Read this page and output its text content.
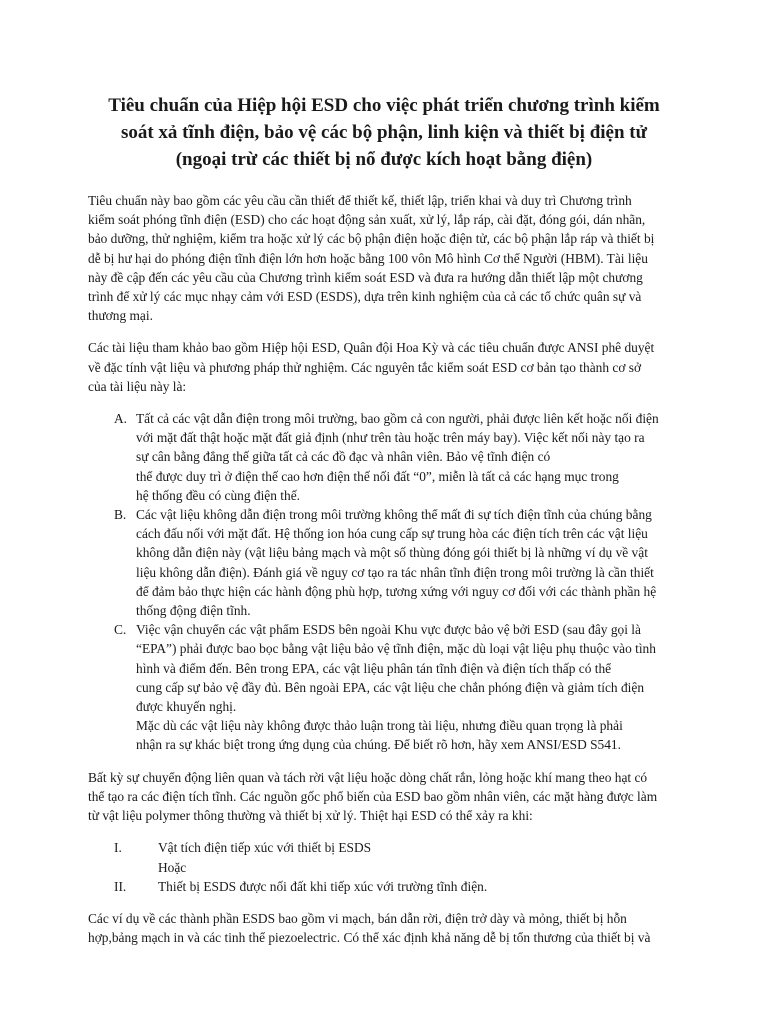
Tiêu chuẩn của Hiệp hội ESD cho việc phát triển chương trình kiểm
soát xả tĩnh điện, bảo vệ các bộ phận, linh kiện và thiết bị điện tử
(ngoại trừ các thiết bị nổ được kích hoạt bằng điện)

Tiêu chuẩn này bao gồm các yêu cầu cần thiết để thiết kế, thiết lập, triển khai và duy trì Chương trình
kiểm soát phóng tĩnh điện (ESD) cho các hoạt động sản xuất, xử lý, lắp ráp, cài đặt, đóng gói, dán nhãn,
bảo dưỡng, thử nghiệm, kiểm tra hoặc xử lý các bộ phận điện hoặc điện tử, các bộ phận lắp ráp và thiết bị
dễ bị hư hại do phóng điện tĩnh điện lớn hơn hoặc bằng 100 vôn Mô hình Cơ thể Người (HBM). Tài liệu
này đề cập đến các yêu cầu của Chương trình kiểm soát ESD và đưa ra hướng dẫn thiết lập một chương
trình để xử lý các mục nhạy cảm với ESD (ESDS), dựa trên kinh nghiệm của cả các tổ chức quân sự và
thương mại.

Các tài liệu tham khảo bao gồm Hiệp hội ESD, Quân đội Hoa Kỳ và các tiêu chuẩn được ANSI phê duyệt
về đặc tính vật liệu và phương pháp thử nghiệm. Các nguyên tắc kiểm soát ESD cơ bản tạo thành cơ sở
của tài liệu này là:

A. Tất cả các vật dẫn điện trong môi trường, bao gồm cả con người, phải được liên kết hoặc nối điện
với mặt đất thật hoặc mặt đất giả định (như trên tàu hoặc trên máy bay). Việc kết nối này tạo ra
sự cân bằng đẳng thế giữa tất cả các đồ đạc và nhân viên. Bảo vệ tĩnh điện có
thể được duy trì ở điện thế cao hơn điện thế nối đất “0”, miễn là tất cả các hạng mục trong
hệ thống đều có cùng điện thế.
B. Các vật liệu không dẫn điện trong môi trường không thể mất đi sự tích điện tĩnh của chúng bằng
cách đấu nối với mặt đất. Hệ thống ion hóa cung cấp sự trung hòa các điện tích trên các vật liệu
không dẫn điện này (vật liệu bảng mạch và một số thùng đóng gói thiết bị là những ví dụ về vật
liệu không dẫn điện). Đánh giá về nguy cơ tạo ra tác nhân tĩnh điện trong môi trường là cần thiết
để đảm bảo thực hiện các hành động phù hợp, tương xứng với nguy cơ đối với các thành phần hệ
thống động điện tĩnh.
C. Việc vận chuyển các vật phẩm ESDS bên ngoài Khu vực được bảo vệ bởi ESD (sau đây gọi là
“EPA”) phải được bao bọc bằng vật liệu bảo vệ tĩnh điện, mặc dù loại vật liệu phụ thuộc vào tình
hình và điểm đến. Bên trong EPA, các vật liệu phân tán tĩnh điện và điện tích thấp có thể
cung cấp sự bảo vệ đầy đủ. Bên ngoài EPA, các vật liệu che chắn phóng điện và giảm tích điện
được khuyến nghị.
Mặc dù các vật liệu này không được thảo luận trong tài liệu, nhưng điều quan trọng là phải
nhận ra sự khác biệt trong ứng dụng của chúng. Để biết rõ hơn, hãy xem ANSI/ESD S541.

Bất kỳ sự chuyển động liên quan và tách rời vật liệu hoặc dòng chất rắn, lỏng hoặc khí mang theo hạt có
thể tạo ra các điện tích tĩnh. Các nguồn gốc phổ biến của ESD bao gồm nhân viên, các mặt hàng được làm
từ vật liệu polymer thông thường và thiết bị xử lý. Thiệt hại ESD có thể xảy ra khi:

I.	Vật tích điện tiếp xúc với thiết bị ESDS
Hoặc
II. Thiết bị ESDS được nối đất khi tiếp xúc với trường tĩnh điện.

Các ví dụ về các thành phần ESDS bao gồm vi mạch, bán dẫn rời, điện trở dày và mỏng, thiết bị hỗn
hợp,bảng mạch in và các tinh thể piezoelectric. Có thể xác định khả năng dễ bị tổn thương của thiết bị và
